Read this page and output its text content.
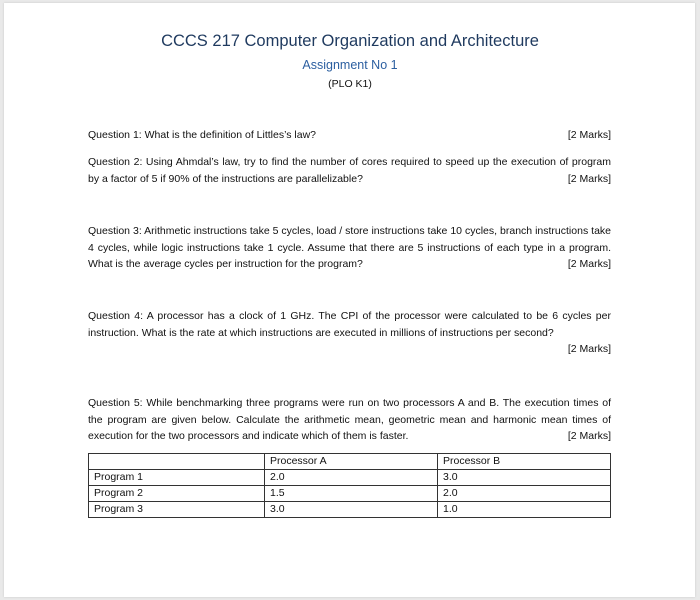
CCCS 217 Computer Organization and Architecture
Assignment No 1
(PLO K1)
[2 Marks]
Question 1: What is the definition of Littles’s law?
Question 2: Using Ahmdal’s law, try to find the number of cores required to speed up the execution of program by a factor of 5 if 90% of the instructions are parallelizable?	[2 Marks]
Question 3: Arithmetic instructions take 5 cycles, load / store instructions take 10 cycles, branch instructions take 4 cycles, while logic instructions take 1 cycle. Assume that there are 5 instructions of each type in a program. What is the average cycles per instruction for the program?	[2 Marks]
Question 4: A processor has a clock of 1 GHz. The CPI of the processor were calculated to be 6 cycles per instruction. What is the rate at which instructions are executed in millions of instructions per second?
[2 Marks]
Question 5: While benchmarking three programs were run on two processors A and B. The execution times of the program are given below. Calculate the arithmetic mean, geometric mean and harmonic mean times of execution for the two processors and indicate which of them is faster.	[2 Marks]
	Processor A	Processor B
Program 1	2.0	3.0
Program 2	1.5	2.0
Program 3	3.0	1.0
